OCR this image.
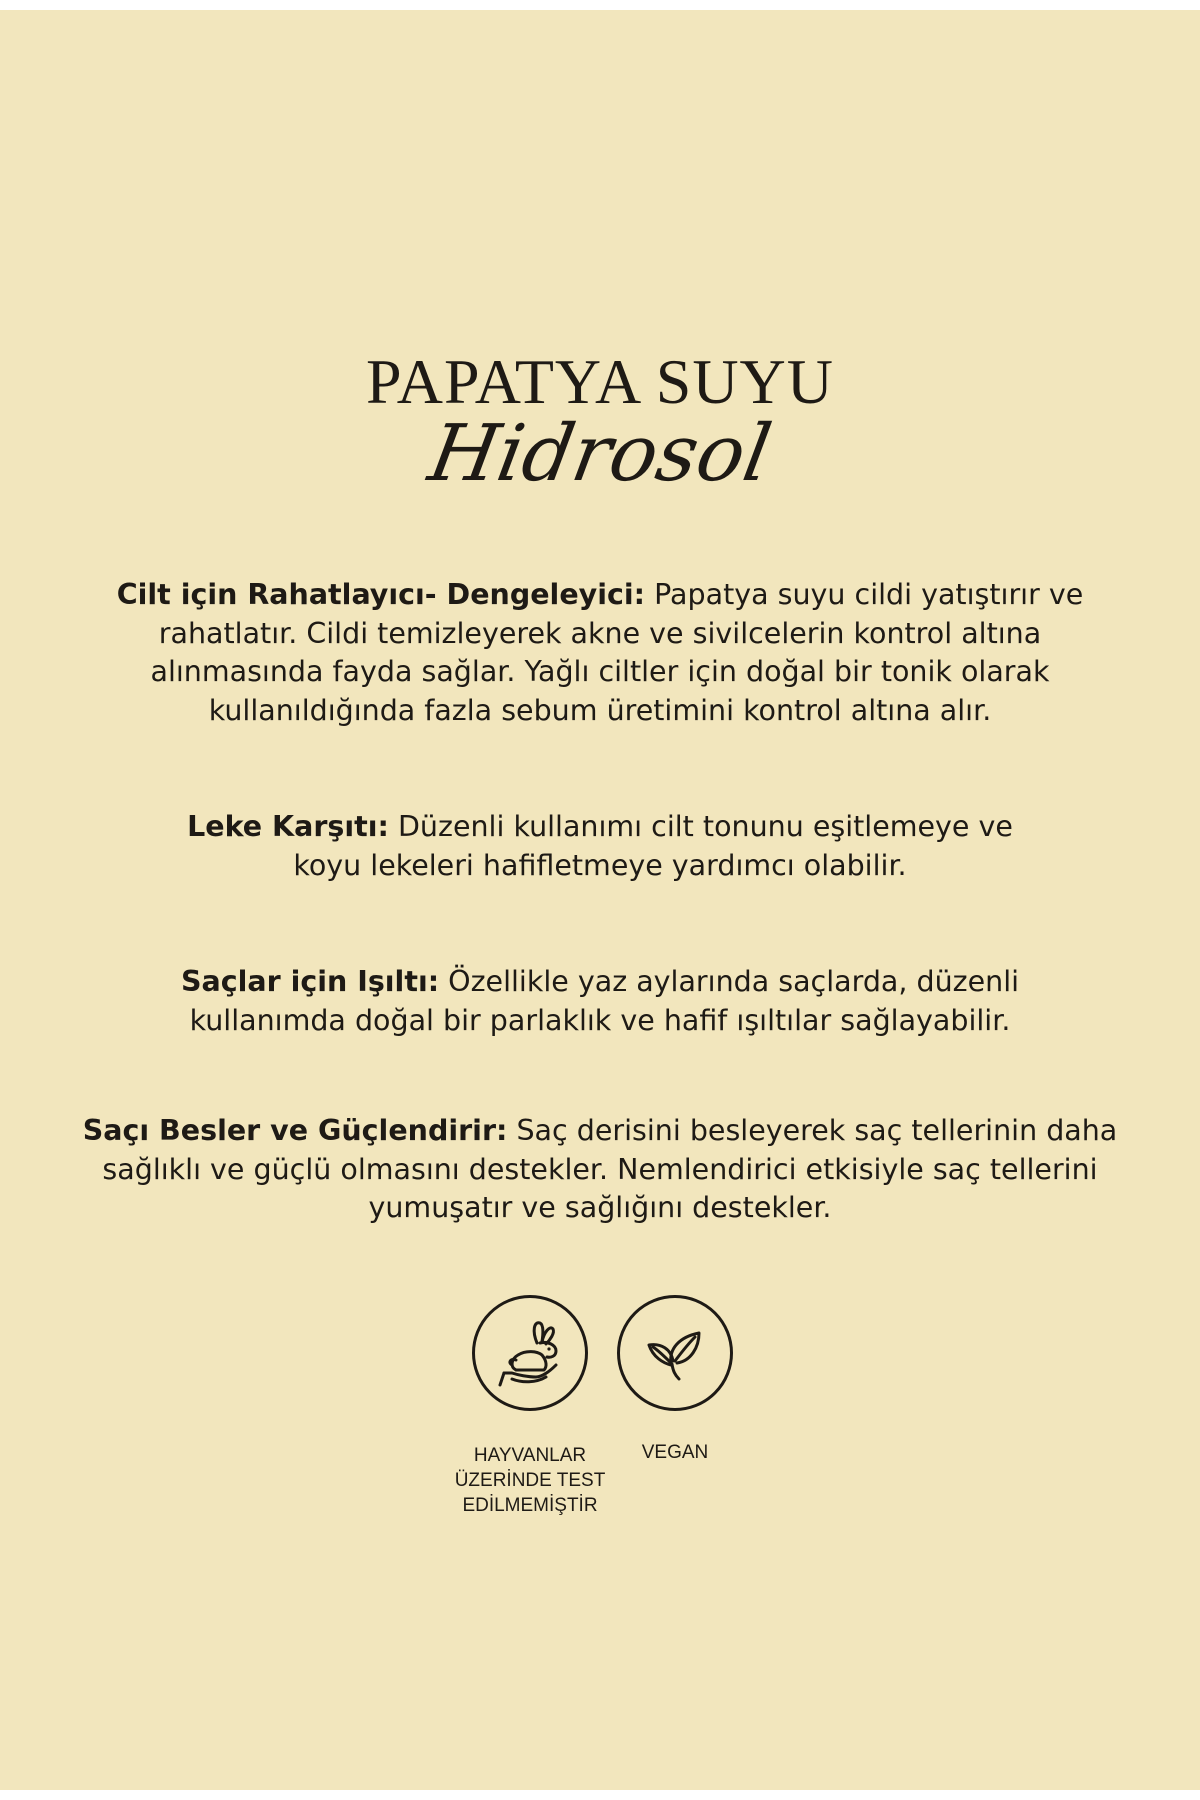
PAPATYA SUYU
Hidrosol
Cilt için Rahatlayıcı- Dengeleyici: Papatya suyu cildi yatıştırır ve rahatlatır. Cildi temizleyerek akne ve sivilcelerin kontrol altına alınmasında fayda sağlar. Yağlı ciltler için doğal bir tonik olarak kullanıldığında fazla sebum üretimini kontrol altına alır.
Leke Karşıtı: Düzenli kullanımı cilt tonunu eşitlemeye ve koyu lekeleri hafifletmeye yardımcı olabilir.
Saçlar için Işıltı: Özellikle yaz aylarında saçlarda, düzenli kullanımda doğal bir parlaklık ve hafif ışıltılar sağlayabilir.
Saçı Besler ve Güçlendirir: Saç derisini besleyerek saç tellerinin daha sağlıklı ve güçlü olmasını destekler. Nemlendirici etkisiyle saç tellerini yumuşatır ve sağlığını destekler.
HAYVANLAR
ÜZERİNDE TEST
EDİLMEMİŞTİR
VEGAN
